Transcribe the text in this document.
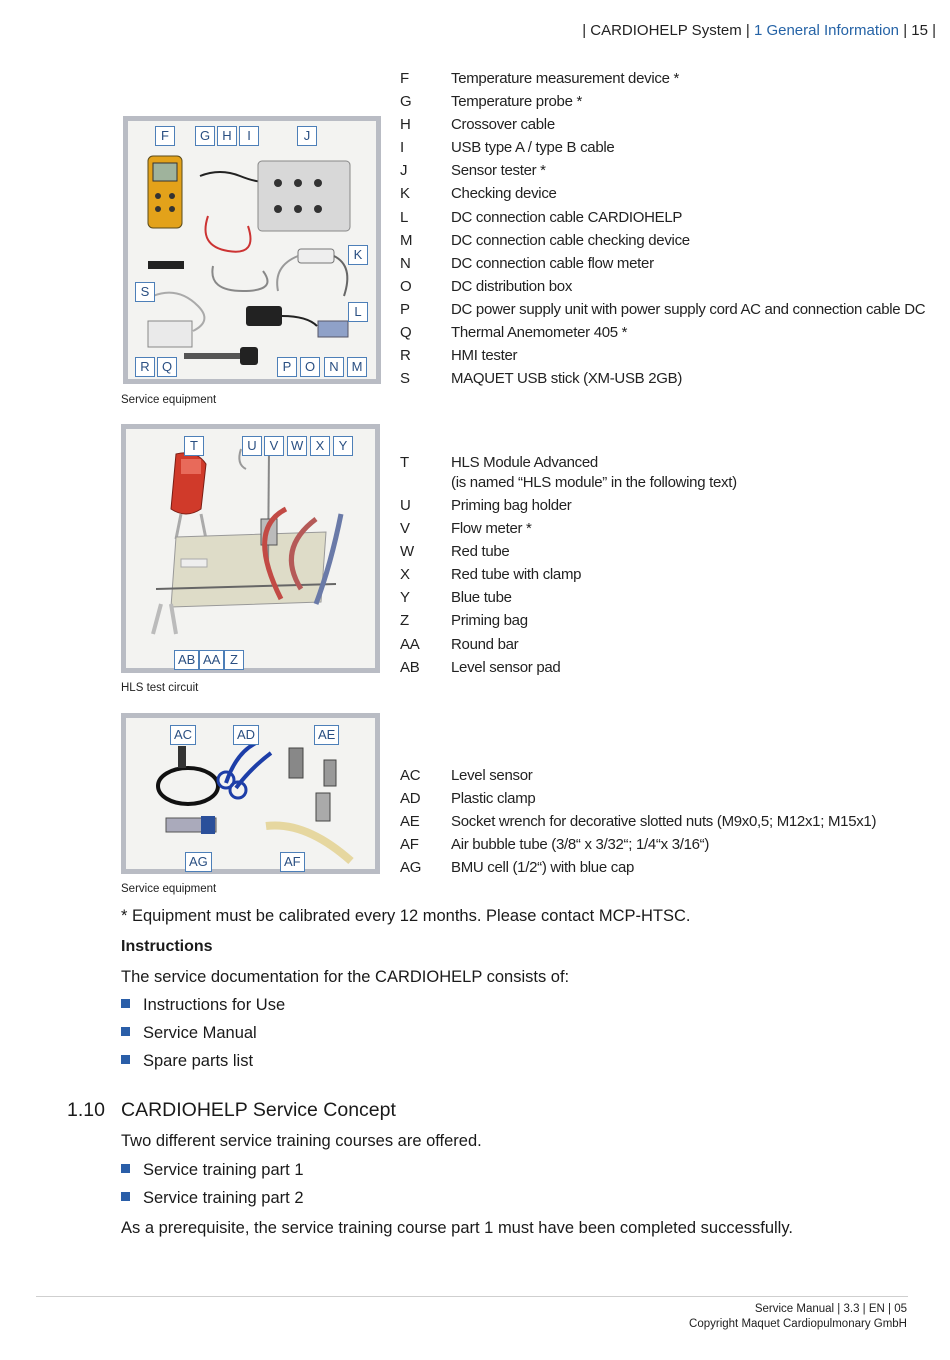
| CARDIOHELP System | 1 General Information | 15 |
F	G H	I	J
K
S
L
R Q	P	O	N M
Service equipment
F	Temperature measurement device *
G	Temperature probe *
H	Crossover cable
I	USB type A / type B cable
J	Sensor tester *
K	Checking device
L	DC connection cable CARDIOHELP
M	DC connection cable checking device
N	DC connection cable flow meter
O	DC distribution box
P	DC power supply unit with power supply cord AC and connection cable DC
Q	Thermal Anemometer 405 *
R	HMI tester
S	MAQUET USB stick (XM-USB 2GB)
T	U V W X	Y
AB AA Z
HLS test circuit
T	HLS Module Advanced
(is named “HLS module” in the following text)
U	Priming bag holder
V	Flow meter *
W Red tube
X	Red tube with clamp
Y	Blue tube
Z	Priming bag
AA Round bar
AB Level sensor pad
AC	AD	AE
AG	AF
Service equipment
AC Level sensor
AD Plastic clamp
AE Socket wrench for decorative slotted nuts (M9x0,5; M12x1; M15x1)
AF Air bubble tube (3/8“ x 3/32“; 1/4“x 3/16“)
AG BMU cell (1/2“) with blue cap
* Equipment must be calibrated every 12 months. Please contact MCP-HTSC.
Instructions
The service documentation for the CARDIOHELP consists of:
Instructions for Use
Service Manual
Spare parts list
1.10 CARDIOHELP Service Concept
Two different service training courses are offered.
Service training part 1
Service training part 2
As a prerequisite, the service training course part 1 must have been completed successfully.
Service Manual | 3.3 | EN | 05
Copyright Maquet Cardiopulmonary GmbH
